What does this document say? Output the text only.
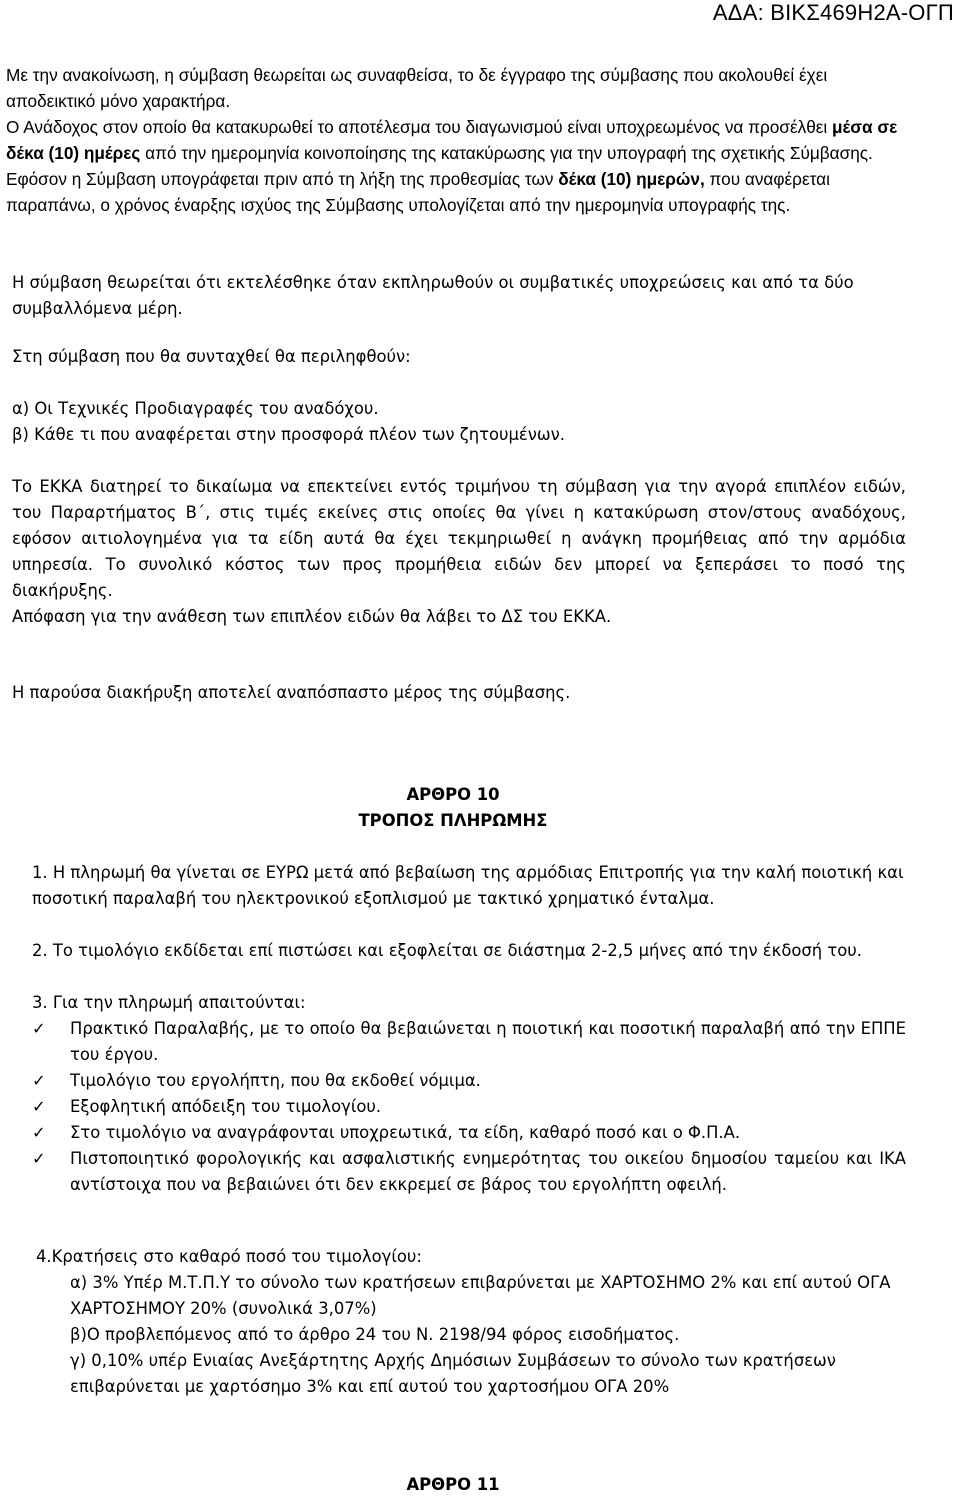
ΑΔΑ: ΒΙΚΣ469Η2Α-ΟΓΠ
Με την ανακοίνωση, η σύμβαση θεωρείται ως συναφθείσα, το δε έγγραφο της σύμβασης που ακολουθεί έχει αποδεικτικό μόνο χαρακτήρα.
Ο Ανάδοχος στον οποίο θα κατακυρωθεί το αποτέλεσμα του διαγωνισμού είναι υποχρεωμένος να προσέλθει μέσα σε δέκα (10) ημέρες από την ημερομηνία κοινοποίησης της κατακύρωσης για την υπογραφή της σχετικής Σύμβασης. Εφόσον η Σύμβαση υπογράφεται πριν από τη λήξη της προθεσμίας των δέκα (10) ημερών, που αναφέρεται παραπάνω, ο χρόνος έναρξης ισχύος της Σύμβασης υπολογίζεται από την ημερομηνία υπογραφής της.
Η σύμβαση θεωρείται ότι εκτελέσθηκε όταν εκπληρωθούν οι συμβατικές υποχρεώσεις και από τα δύο συμβαλλόμενα μέρη.
Στη σύμβαση που θα συνταχθεί θα περιληφθούν:
α) Οι Τεχνικές Προδιαγραφές του αναδόχου.
β) Κάθε τι που αναφέρεται στην προσφορά πλέον των ζητουμένων.
Το ΕΚΚΑ διατηρεί το δικαίωμα να επεκτείνει εντός τριμήνου τη σύμβαση για την αγορά επιπλέον ειδών, του Παραρτήματος Β΄, στις τιμές εκείνες στις οποίες θα γίνει η κατακύρωση στον/στους αναδόχους, εφόσον αιτιολογημένα για τα είδη αυτά θα έχει τεκμηριωθεί η ανάγκη προμήθειας από την αρμόδια υπηρεσία. Το συνολικό κόστος των προς προμήθεια ειδών δεν μπορεί να ξεπεράσει το ποσό της διακήρυξης.
Απόφαση για την ανάθεση των επιπλέον ειδών θα λάβει το ΔΣ του ΕΚΚΑ.
Η παρούσα διακήρυξη αποτελεί αναπόσπαστο μέρος της σύμβασης.
ΑΡΘΡΟ 10
ΤΡΟΠΟΣ ΠΛΗΡΩΜΗΣ
1. Η πληρωμή θα γίνεται σε ΕΥΡΩ μετά από βεβαίωση της αρμόδιας Επιτροπής για την καλή ποιοτική και ποσοτική παραλαβή του ηλεκτρονικού εξοπλισμού με τακτικό χρηματικό ένταλμα.
2. Το τιμολόγιο εκδίδεται επί πιστώσει και εξοφλείται σε διάστημα 2-2,5 μήνες από την έκδοσή του.
3. Για την πληρωμή απαιτούνται:
✓ Πρακτικό Παραλαβής, με το οποίο θα βεβαιώνεται η ποιοτική και ποσοτική παραλαβή από την ΕΠΠΕ του έργου.
✓ Τιμολόγιο του εργολήπτη, που θα εκδοθεί νόμιμα.
✓ Εξοφλητική απόδειξη του τιμολογίου.
✓ Στο τιμολόγιο να αναγράφονται υποχρεωτικά, τα είδη, καθαρό ποσό και ο Φ.Π.Α.
✓ Πιστοποιητικό φορολογικής και ασφαλιστικής ενημερότητας του οικείου δημοσίου ταμείου και ΙΚΑ αντίστοιχα που να βεβαιώνει ότι δεν εκκρεμεί σε βάρος του εργολήπτη οφειλή.
4.Κρατήσεις στο καθαρό ποσό του τιμολογίου:
α) 3% Υπέρ Μ.Τ.Π.Υ το σύνολο των κρατήσεων επιβαρύνεται με ΧΑΡΤΟΣΗΜΟ 2% και επί αυτού ΟΓΑ ΧΑΡΤΟΣΗΜΟΥ 20% (συνολικά 3,07%)
β)Ο προβλεπόμενος από το άρθρο 24 του Ν. 2198/94 φόρος εισοδήματος.
γ) 0,10% υπέρ Ενιαίας Ανεξάρτητης Αρχής Δημόσιων Συμβάσεων το σύνολο των κρατήσεων επιβαρύνεται με χαρτόσημο 3% και επί αυτού του χαρτοσήμου ΟΓΑ 20%
ΑΡΘΡΟ 11
